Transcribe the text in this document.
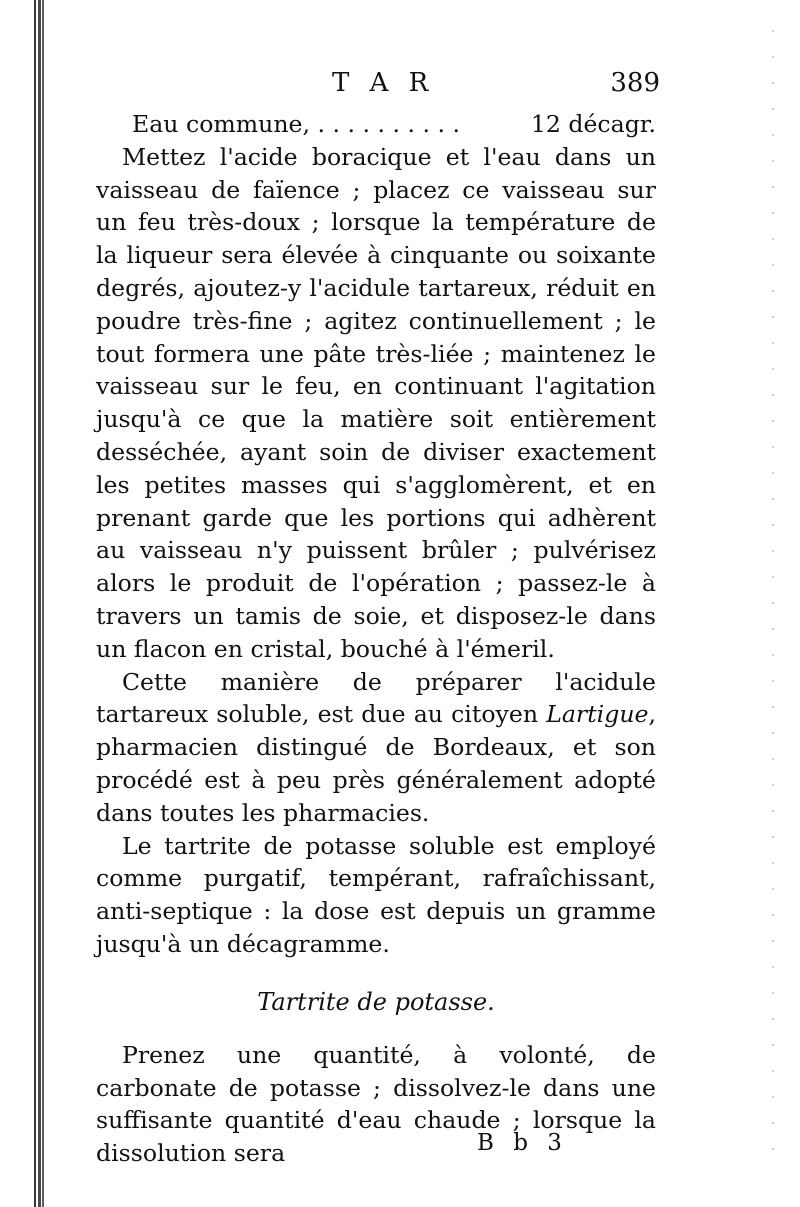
T A R	389
Eau commune, . . . . . . . . . .	12 décagr.

Mettez l'acide boracique et l'eau dans un vaisseau de faïence ; placez ce vaisseau sur un feu très-doux ; lorsque la température de la liqueur sera élevée à cinquante ou soixante degrés, ajoutez-y l'acidule tartareux, réduit en poudre très-fine ; agitez continuellement ; le tout formera une pâte très-liée ; maintenez le vaisseau sur le feu, en continuant l'agitation jusqu'à ce que la matière soit entièrement desséchée, ayant soin de diviser exactement les petites masses qui s'agglomèrent, et en prenant garde que les portions qui adhèrent au vaisseau n'y puissent brûler ; pulvérisez alors le produit de l'opération ; passez-le à travers un tamis de soie, et disposez-le dans un flacon en cristal, bouché à l'émeril.

Cette manière de préparer l'acidule tartareux soluble, est due au citoyen Lartigue, pharmacien distingué de Bordeaux, et son procédé est à peu près généralement adopté dans toutes les pharmacies.

Le tartrite de potasse soluble est employé comme purgatif, tempérant, rafraîchissant, anti-septique : la dose est depuis un gramme jusqu'à un décagramme.

Tartrite de potasse.

Prenez une quantité, à volonté, de carbonate de potasse ; dissolvez-le dans une suffisante quantité d'eau chaude ; lorsque la dissolution sera	B b 3
